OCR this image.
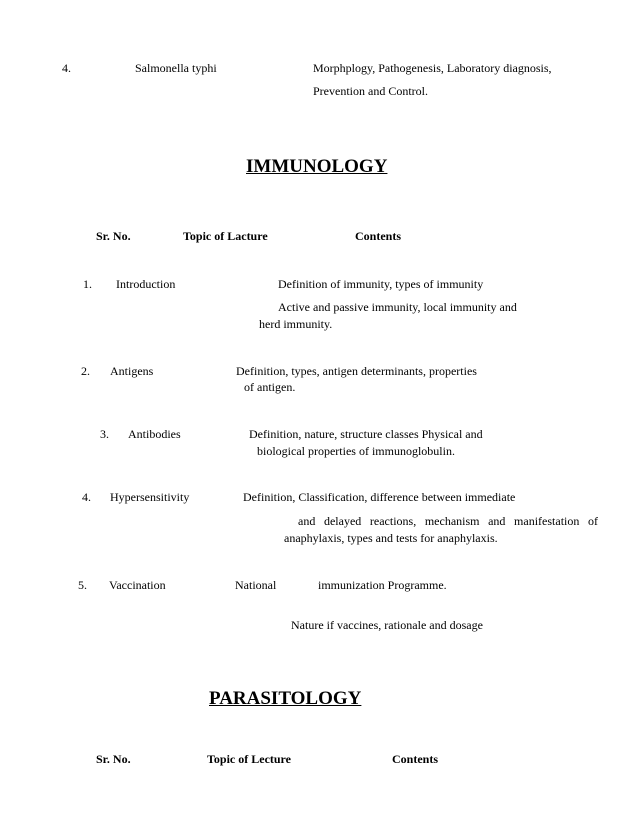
4.	Salmonella typhi	Morphplogy, Pathogenesis, Laboratory diagnosis,
Prevention and Control.
IMMUNOLOGY
Sr. No.	Topic of Lacture	Contents
1. Introduction	Definition of immunity, types of immunity
Active and passive immunity, local immunity and
herd immunity.
2. Antigens	Definition, types, antigen determinants, properties
of antigen.
3. Antibodies	Definition, nature, structure classes Physical and
biological properties of immunoglobulin.
4. Hypersensitivity	Definition, Classification, difference between immediate
and delayed reactions, mechanism and manifestation of
anaphylaxis, types and tests for anaphylaxis.
5. Vaccination	National	immunization Programme.
Nature if vaccines, rationale and dosage
PARASITOLOGY
Sr. No.	Topic of Lecture	Contents
